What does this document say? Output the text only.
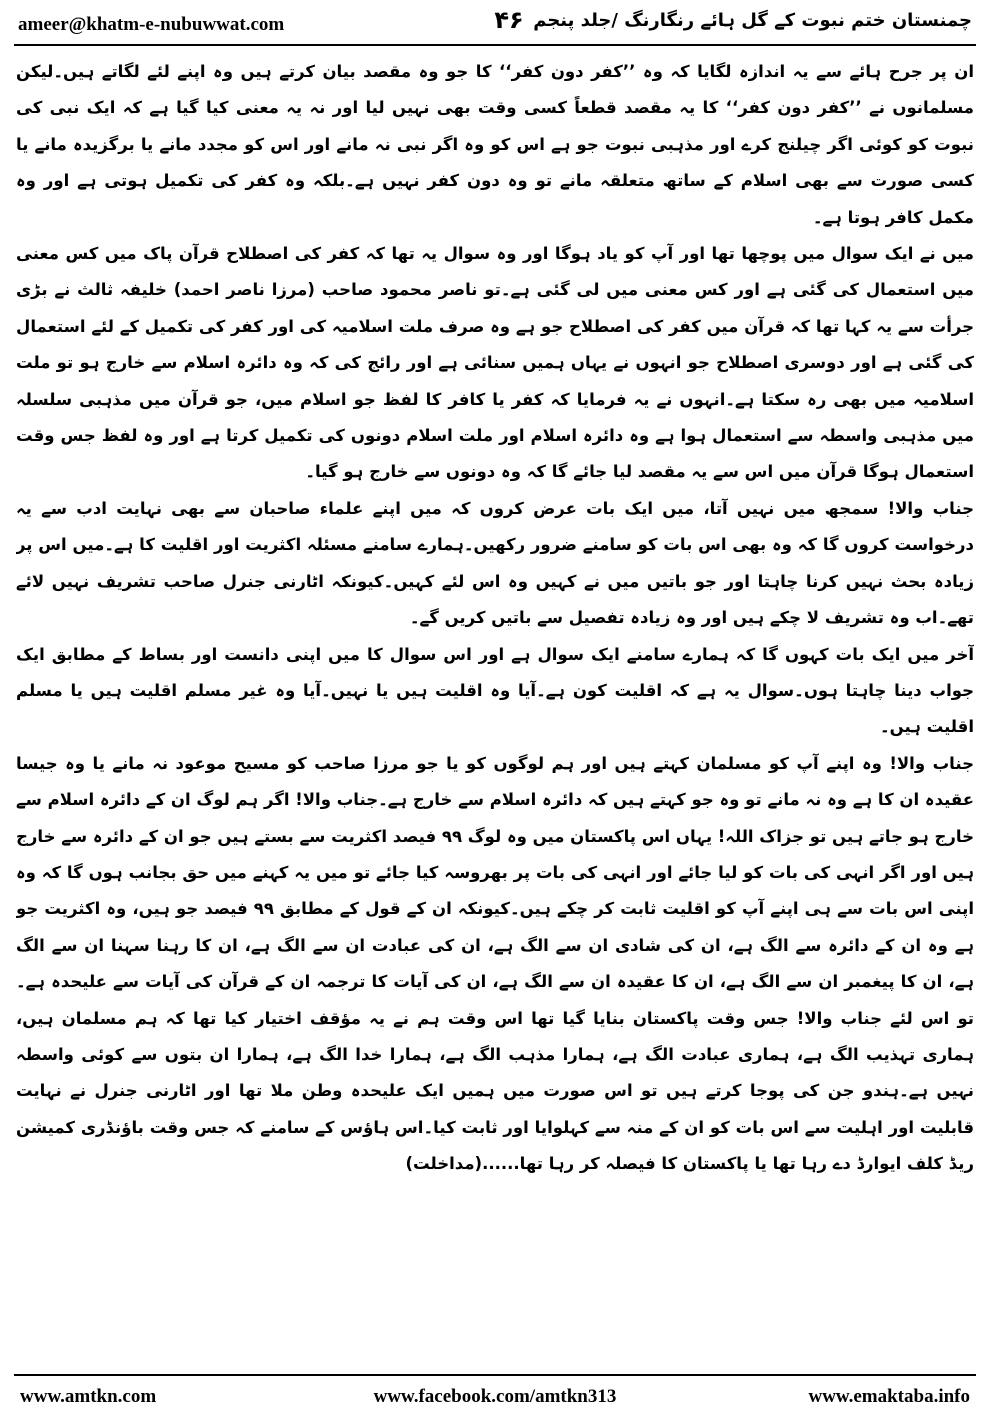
ameer@khatm-e-nubuwwat.com	۴۶ چمنستان ختم نبوت کے گل ہائے رنگارنگ /جلد پنجم

ان پر جرح ہائے سے یہ اندازہ لگایا کہ وہ ’’کفر دون کفر‘‘ کا جو وہ مقصد بیان کرتے ہیں وہ اپنے لئے لگاتے ہیں۔لیکن مسلمانوں نے ’’کفر دون کفر‘‘ کا یہ مقصد قطعاً کسی وقت بھی نہیں لیا اور نہ یہ معنی کیا گیا ہے کہ ایک نبی کی نبوت کو کوئی اگر چیلنج کرے اور مذہبی نبوت جو ہے اس کو وہ اگر نبی نہ مانے اور اس کو مجدد مانے یا برگزیدہ مانے یا کسی صورت سے بھی اسلام کے ساتھ متعلقہ مانے تو وہ دون کفر نہیں ہے۔بلکہ وہ کفر کی تکمیل ہوتی ہے اور وہ مکمل کافر ہوتا ہے۔

میں نے ایک سوال میں پوچھا تھا اور آپ کو یاد ہوگا اور وہ سوال یہ تھا کہ کفر کی اصطلاح قرآن پاک میں کس معنی میں استعمال کی گئی ہے اور کس معنی میں لی گئی ہے۔تو ناصر محمود صاحب (مرزا ناصر احمد) خلیفہ ثالث نے بڑی جرأت سے یہ کہا تھا کہ قرآن میں کفر کی اصطلاح جو ہے وہ صرف ملت اسلامیہ کی اور کفر کی تکمیل کے لئے استعمال کی گئی ہے اور دوسری اصطلاح جو انہوں نے یہاں ہمیں سنائی ہے اور رائج کی کہ وہ دائرہ اسلام سے خارج ہو تو ملت اسلامیہ میں بھی رہ سکتا ہے۔انہوں نے یہ فرمایا کہ کفر یا کافر کا لفظ جو اسلام میں، جو قرآن میں مذہبی سلسلہ میں مذہبی واسطہ سے استعمال ہوا ہے وہ دائرہ اسلام اور ملت اسلام دونوں کی تکمیل کرتا ہے اور وہ لفظ جس وقت استعمال ہوگا قرآن میں اس سے یہ مقصد لیا جائے گا کہ وہ دونوں سے خارج ہو گیا۔

جناب والا! سمجھ میں نہیں آتا، میں ایک بات عرض کروں کہ میں اپنے علماء صاحبان سے بھی نہایت ادب سے یہ درخواست کروں گا کہ وہ بھی اس بات کو سامنے ضرور رکھیں۔ہمارے سامنے مسئلہ اکثریت اور اقلیت کا ہے۔میں اس پر زیادہ بحث نہیں کرنا چاہتا اور جو باتیں میں نے کہیں وہ اس لئے کہیں۔کیونکہ اٹارنی جنرل صاحب تشریف نہیں لائے تھے۔اب وہ تشریف لا چکے ہیں اور وہ زیادہ تفصیل سے باتیں کریں گے۔

آخر میں ایک بات کہوں گا کہ ہمارے سامنے ایک سوال ہے اور اس سوال کا میں اپنی دانست اور بساط کے مطابق ایک جواب دینا چاہتا ہوں۔سوال یہ ہے کہ اقلیت کون ہے۔آیا وہ اقلیت ہیں یا نہیں۔آیا وہ غیر مسلم اقلیت ہیں یا مسلم اقلیت ہیں۔

جناب والا! وہ اپنے آپ کو مسلمان کہتے ہیں اور ہم لوگوں کو یا جو مرزا صاحب کو مسیح موعود نہ مانے یا وہ جیسا عقیدہ ان کا ہے وہ نہ مانے تو وہ جو کہتے ہیں کہ دائرہ اسلام سے خارج ہے۔جناب والا! اگر ہم لوگ ان کے دائرہ اسلام سے خارج ہو جاتے ہیں تو جزاک اللہ! یہاں اس پاکستان میں وہ لوگ ۹۹ فیصد اکثریت سے بستے ہیں جو ان کے دائرہ سے خارج ہیں اور اگر انہی کی بات کو لیا جائے اور انہی کی بات پر بھروسہ کیا جائے تو میں یہ کہنے میں حق بجانب ہوں گا کہ وہ اپنی اس بات سے ہی اپنے آپ کو اقلیت ثابت کر چکے ہیں۔کیونکہ ان کے قول کے مطابق ۹۹ فیصد جو ہیں، وہ اکثریت جو ہے وہ ان کے دائرہ سے الگ ہے، ان کی شادی ان سے الگ ہے، ان کی عبادت ان سے الگ ہے، ان کا رہنا سہنا ان سے الگ ہے، ان کا پیغمبر ان سے الگ ہے، ان کا عقیدہ ان سے الگ ہے، ان کی آیات کا ترجمہ ان کے قرآن کی آیات سے علیحدہ ہے۔تو اس لئے جناب والا! جس وقت پاکستان بنایا گیا تھا اس وقت ہم نے یہ مؤقف اختیار کیا تھا کہ ہم مسلمان ہیں، ہماری تہذیب الگ ہے، ہماری عبادت الگ ہے، ہمارا مذہب الگ ہے، ہمارا خدا الگ ہے، ہمارا ان بتوں سے کوئی واسطہ نہیں ہے۔ہندو جن کی پوجا کرتے ہیں تو اس صورت میں ہمیں ایک علیحدہ وطن ملا تھا اور اٹارنی جنرل نے نہایت قابلیت اور اہلیت سے اس بات کو ان کے منہ سے کہلوایا اور ثابت کیا۔اس ہاؤس کے سامنے کہ جس وقت باؤنڈری کمیشن ریڈ کلف ایوارڈ دے رہا تھا یا پاکستان کا فیصلہ کر رہا تھا......(مداخلت)

www.amtkn.com	www.facebook.com/amtkn313	www.emaktaba.info
